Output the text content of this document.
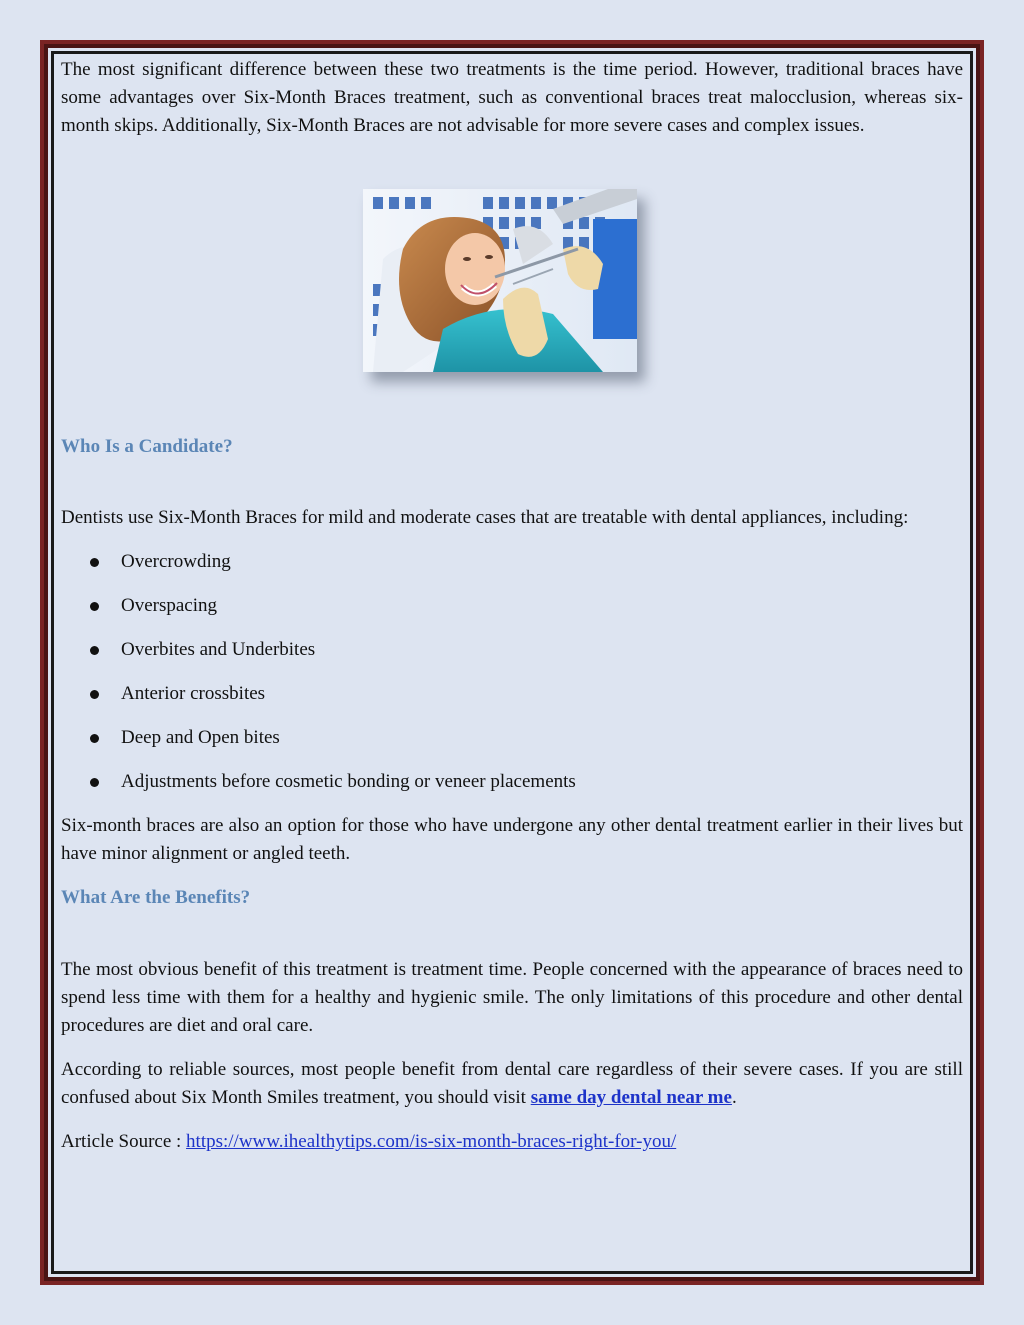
The most significant difference between these two treatments is the time period. However, traditional braces have some advantages over Six-Month Braces treatment, such as conventional braces treat malocclusion, whereas six-month skips. Additionally, Six-Month Braces are not advisable for more severe cases and complex issues.

Who Is a Candidate?

Dentists use Six-Month Braces for mild and moderate cases that are treatable with dental appliances, including:

Overcrowding
Overspacing
Overbites and Underbites
Anterior crossbites
Deep and Open bites
Adjustments before cosmetic bonding or veneer placements

Six-month braces are also an option for those who have undergone any other dental treatment earlier in their lives but have minor alignment or angled teeth.

What Are the Benefits?

The most obvious benefit of this treatment is treatment time. People concerned with the appearance of braces need to spend less time with them for a healthy and hygienic smile. The only limitations of this procedure and other dental procedures are diet and oral care.

According to reliable sources, most people benefit from dental care regardless of their severe cases. If you are still confused about Six Month Smiles treatment, you should visit same day dental near me.

Article Source : https://www.ihealthytips.com/is-six-month-braces-right-for-you/
